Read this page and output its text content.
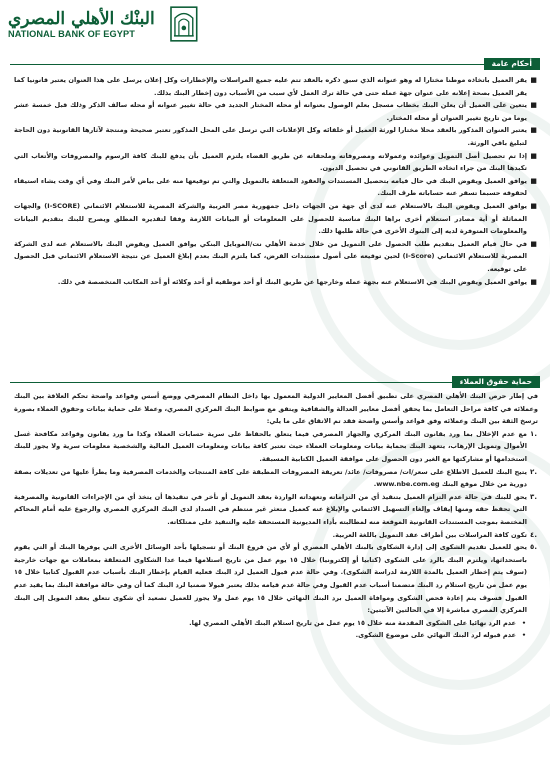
البنْك الأهلي المصري
NATIONAL BANK OF EGYPT
أحكام عامة

■
يقر العميل باتخاذه موطنا مختارا له وهو عنوانه الذي سبق ذكره بالعقد تتم عليه جميع المراسلات والإخطارات وكل إعلان يرسل على هذا العنوان يعتبر قانونيا كما يقر العميل بصحة إعلانه على عنوان جهة عمله حتى في حالة ترك العمل لأي سبب من الأسباب دون إخطار البنك بذلك.

■
يتعين على العميل أن يعلن البنك بخطاب مسجل بعلم الوصول بعنوانه أو محله المختار الجديد في حالة تغيير عنوانه أو محله سالف الذكر وذلك قبل خمسة عشر يوما من تاريخ تغيير العنوان أو محله المختار.

■
يعتبر العنوان المذكور بالعقد محلا مختارا لورثة العميل أو خلفائه وكل الإعلانات التي ترسل على المحل المذكور تعتبر صحيحة ومنتجة لآثارها القانونية دون الحاجة لتبليغ باقي الورثة.

■
إذا تم تحصيل أصل التمويل وعوائده وعمولاته ومصروفاته وملحقاته عن طريق القضاء يلتزم العميل بأن يدفع للبنك كافة الرسوم والمصروفات والأتعاب التي تكبدها البنك من جراء اتخاذه الطريق القانوني في تحصيل الديون.

■
يوافق العميل ويفوض البنك في حال قيامه بتحصيل المستندات والعقود المتعلقة بالتمويل والتي تم توقيعها منه على بياض لأمر البنك وفي أي وقت يشاء استيفاء لحقوقه حسبما تسفر عنه حساباته طرف البنك.

■
يوافق العميل ويفوض البنك بالاستعلام عنه لدى أي جهة من الجهات داخل جمهورية مصر العربية والشركة المصرية للاستعلام الائتماني (I-SCORE) والجهات المماثلة أو أية مصادر استعلام أخرى براها البنك مناسبة للحصول على المعلومات أو البيانات اللازمة وفقا لتقديره المطلق ويصرح للبنك بتقديم البيانات والمعلومات المتوفرة لديه إلى البنوك الأخرى في حالة طلبها ذلك.

■
في حال قيام العميل بتقديم طلب الحصول على التمويل من خلال خدمة الأهلي نت/الموبايل البنكي يوافق العميل ويفوض البنك بالاستعلام عنه لدى الشركة المصرية للاستعلام الائتماني (I-Score) لحين توقيعه على أصول مستندات القرض، كما يلتزم البنك بعدم إبلاغ العميل عن نتيجة الاستعلام الائتماني قبل الحصول على توقيعه.

■
يوافق العميل ويفوض البنك في الاستعلام عنه بجهة عمله وخارجها عن طريق البنك أو أحد موظفيه أو أحد وكلائه أو أحد المكاتب المتخصصة في ذلك.

حماية حقوق العملاء

في إطار حرص البنك الأهلي المصري على تطبيق أفضل المعايير الدولية المعمول بها داخل النظام المصرفي ووضع أسس وقواعد واضحة تحكم العلاقة بين البنك وعملائه في كافة مراحل التعامل بما يحقق أفضل معايير العدالة والشفافية ويتفق مع ضوابط البنك المركزي المصري، وعملا على حماية بيانات وحقوق العملاء بصورة ترسخ الثقة بين البنك وعملائه وفق قواعد وأسس واضحة فقد تم الاتفاق على ما يلي:

.١
مع عدم الإخلال بما ورد بقانون البنك المركزي والجهاز المصرفي فيما يتعلق بالحفاظ على سرية حسابات العملاء وكذا ما ورد بقانون وقواعد مكافحة غسل الأموال وتمويل الإرهاب، يتعهد البنك بحماية بيانات ومعلومات العملاء حيث تعتبر كافة بيانات ومعلومات العميل المالية والشخصية معلومات سرية ولا يجوز للبنك استخدامها أو مشاركتها مع الغير دون الحصول على موافقة العميل الكتابية المسبقة.

.٢
يتيح البنك للعميل الاطلاع على سعر/ات/ مصروفات/ عائد/ تعريفة المصروفات المطبقة على كافة المنتجات والخدمات المصرفية وما يطرأ عليها من تعديلات بصفة دورية من خلال موقع البنك www.nbe.com.eg.

.٣
يحق للبنك في حالة عدم التزام العميل بتنفيذ أي من التزاماته وتعهداته الواردة بعقد التمويل أو تأخر في تنفيذها أن يتخذ أي من الإجراءات القانونية والمصرفية التي تحفظ حقه ومنها إيقاف وإلغاء التسهيل الائتماني والإبلاغ عنه كعميل متعثر غير منتظم في السداد لدى البنك المركزي المصري والرجوع عليه أمام المحاكم المختصة بموجب المستندات القانونية الموقعة منه لمطالبته بأداء المديونية المستحقة عليه والتنفيذ على ممتلكاته.

.٤
تكون كافة المراسلات بين أطراف عقد التمويل باللغة العربية.

.٥
يحق للعميل تقديم الشكوى إلى إدارة الشكاوى بالبنك الأهلي المصري أو لأي من فروع البنك أو تسجيلها بأحد الوسائل الأخرى التي يوفرها البنك أو التي يقوم باستحداثها، ويلتزم البنك بالرد على الشكوى (كتابيا أو إلكترونيا) خلال ١٥ يوم عمل من تاريخ استلامها فيما عدا الشكاوى المتعلقة بمعاملات مع جهات خارجية (سوف يتم إخطار العميل بالمدة اللازمة لدراسة الشكوى). وفي حالة عدم قبول العميل لرد البنك فعليه القيام بإخطار البنك بأسباب عدم القبول كتابيا خلال ١٥ يوم عمل من تاريخ استلام رد البنك متضمنا أسباب عدم القبول وفي حالة عدم قيامه بذلك يعتبر قبولا ضمنيا لرد البنك كما أن وفي حالة موافقة البنك بما يفيد عدم القبول فسوف يتم إعادة فحص الشكوى وموافاة العميل برد البنك النهائي خلال ١٥ يوم عمل ولا يجوز للعميل تصعيد أي شكوى تتعلق بعقد التمويل إلى البنك المركزي المصري مباشرة إلا في الحالتين الآتيتين:

•
عدم الرد نهائيا على الشكوى المقدمة منه خلال ١٥ يوم عمل من تاريخ استلام البنك الأهلي المصري لها.

•
عدم قبوله لرد البنك النهائي على موضوع الشكوى.
